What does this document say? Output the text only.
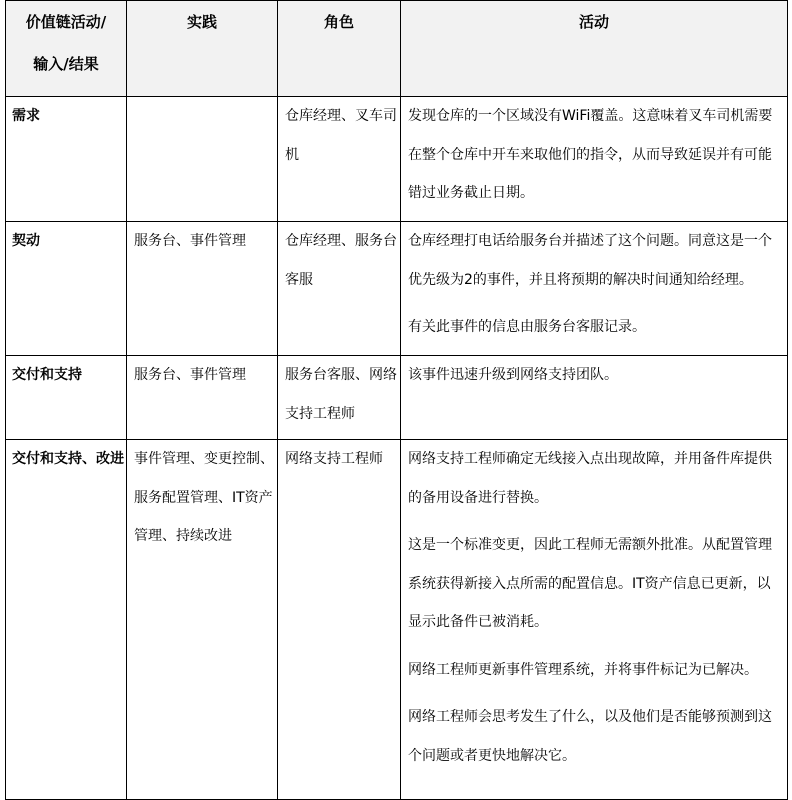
价值链活动/
输入/结果	实践	角色	活动
需求		仓库经理、叉车司机	发现仓库的一个区域没有WiFi覆盖。这意味着叉车司机需要在整个仓库中开车来取他们的指令，从而导致延误并有可能错过业务截止日期。

契动	服务台、事件管理	仓库经理、服务台客服	仓库经理打电话给服务台并描述了这个问题。同意这是一个优先级为2的事件，并且将预期的解决时间通知给经理。
有关此事件的信息由服务台客服记录。

交付和支持	服务台、事件管理	服务台客服、网络支持工程师	该事件迅速升级到网络支持团队。

交付和支持、改进	事件管理、变更控制、服务配置管理、IT资产管理、持续改进	网络支持工程师	网络支持工程师确定无线接入点出现故障，并用备件库提供的备用设备进行替换。
这是一个标准变更，因此工程师无需额外批准。从配置管理系统获得新接入点所需的配置信息。IT资产信息已更新，以显示此备件已被消耗。
网络工程师更新事件管理系统，并将事件标记为已解决。
网络工程师会思考发生了什么，以及他们是否能够预测到这个问题或者更快地解决它。
